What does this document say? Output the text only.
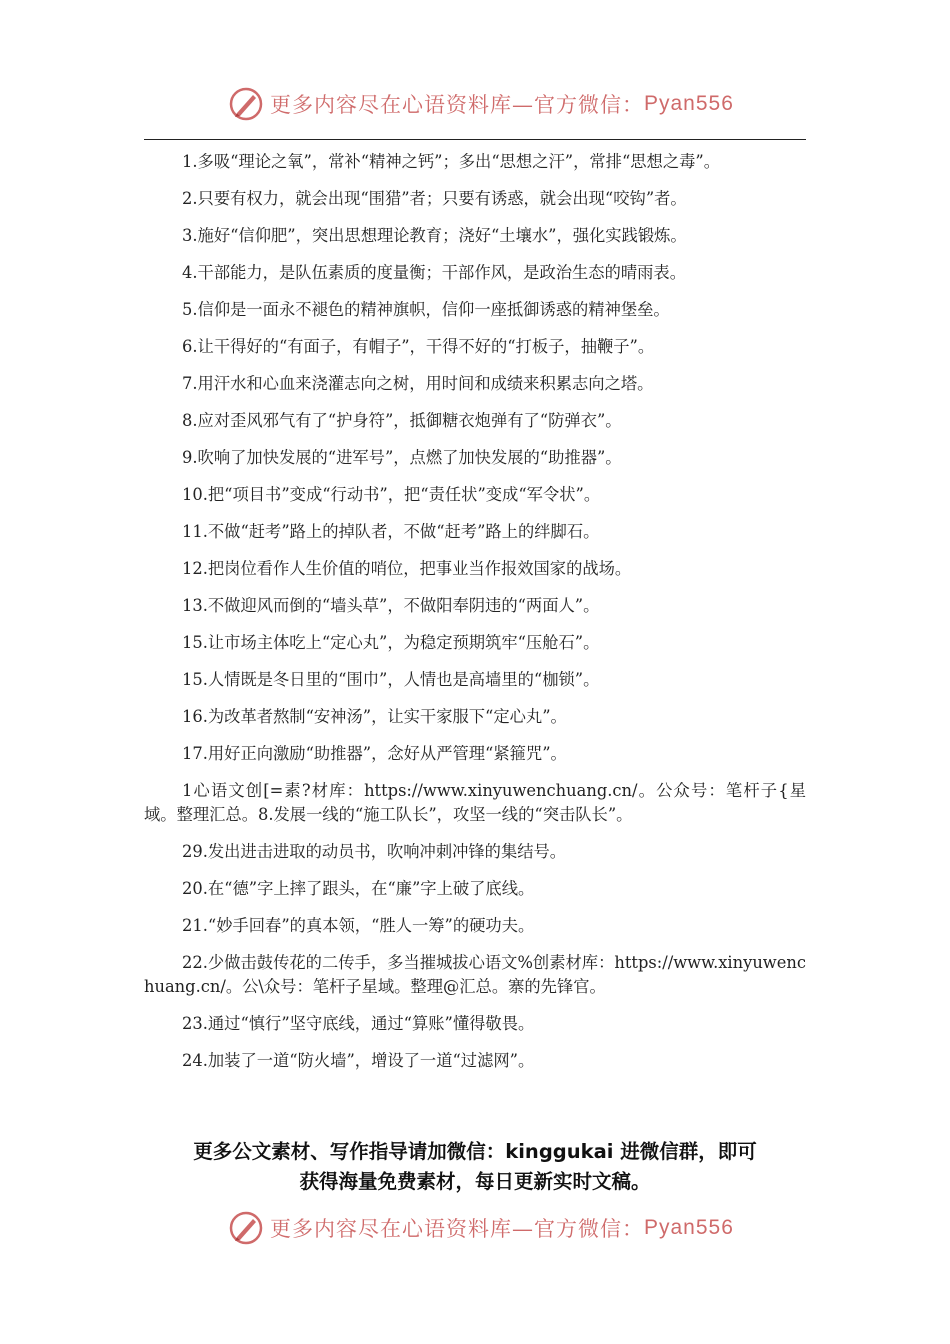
更多内容尽在心语资料库—官方微信： Pyan556

1.多吸“理论之氧”，常补“精神之钙”；多出“思想之汗”，常排“思想之毒”。

2.只要有权力，就会出现“围猎”者；只要有诱惑，就会出现“咬钩”者。

3.施好“信仰肥”，突出思想理论教育；浇好“土壤水”，强化实践锻炼。

4.干部能力，是队伍素质的度量衡；干部作风，是政治生态的晴雨表。

5.信仰是一面永不褪色的精神旗帜，信仰一座抵御诱惑的精神堡垒。

6.让干得好的“有面子，有帽子”，干得不好的“打板子，抽鞭子”。

7.用汗水和心血来浇灌志向之树，用时间和成绩来积累志向之塔。

8.应对歪风邪气有了“护身符”，抵御糖衣炮弹有了“防弹衣”。

9.吹响了加快发展的“进军号”，点燃了加快发展的“助推器”。

10.把“项目书”变成“行动书”，把“责任状”变成“军令状”。

11.不做“赶考”路上的掉队者，不做“赶考”路上的绊脚石。

12.把岗位看作人生价值的哨位，把事业当作报效国家的战场。

13.不做迎风而倒的“墙头草”，不做阳奉阴违的“两面人”。

15.让市场主体吃上“定心丸”，为稳定预期筑牢“压舱石”。

15.人情既是冬日里的“围巾”，人情也是高墙里的“枷锁”。

16.为改革者熬制“安神汤”，让实干家服下“定心丸”。

17.用好正向激励“助推器”，念好从严管理“紧箍咒”。

1心语文创[=素?材库：https://www.xinyuwenchuang.cn/。公众号：笔杆子{星域。整理汇总。8.发展一线的“施工队长”，攻坚一线的“突击队长”。

29.发出进击进取的动员书，吹响冲刺冲锋的集结号。

20.在“德”字上摔了跟头，在“廉”字上破了底线。

21.“妙手回春”的真本领，“胜人一筹”的硬功夫。

22.少做击鼓传花的二传手，多当摧城拔心语文%创素材库：https://www.xinyuwenchuang.cn/。公\众号：笔杆子星域。整理@汇总。寨的先锋官。

23.通过“慎行”坚守底线，通过“算账”懂得敬畏。

24.加装了一道“防火墙”，增设了一道“过滤网”。

更多公文素材、写作指导请加微信：kinggukai 进微信群，即可
获得海量免费素材，每日更新实时文稿。
更多内容尽在心语资料库—官方微信： Pyan556
